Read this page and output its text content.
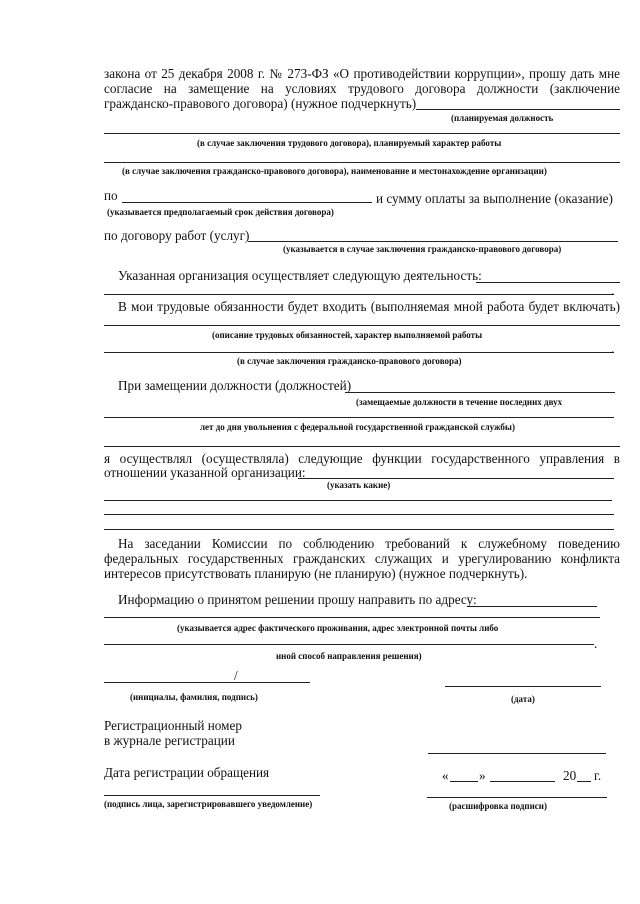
закона от 25 декабря 2008 г. № 273-ФЗ «О противодействии коррупции», прошу дать мне
согласие на замещение на условиях трудового договора должности (заключение
гражданско-правового договора) (нужное подчеркнуть)
(планируемая должность
(в случае заключения трудового договора), планируемый характер работы
(в случае заключения гражданско-правового договора), наименование и местонахождение организации)
по	и сумму оплаты за выполнение (оказание)
(указывается предполагаемый срок действия договора)
по договору работ (услуг)
(указывается в случае заключения гражданско-правового договора)
Указанная организация осуществляет следующую деятельность:
.
В мои трудовые обязанности будет входить (выполняемая мной работа будет включать)
(описание трудовых обязанностей, характер выполняемой работы
.
(в случае заключения гражданско-правового договора)
При замещении должности (должностей)
(замещаемые должности в течение последних двух
лет до дня увольнения с федеральной государственной гражданской службы)
я осуществлял (осуществляла) следующие функции государственного управления в
отношении указанной организации:
(указать какие)
На заседании Комиссии по соблюдению требований к служебному поведению
федеральных государственных гражданских служащих и урегулированию конфликта
интересов присутствовать планирую (не планирую) (нужное подчеркнуть).
Информацию о принятом решении прошу направить по адресу:
(указывается адрес фактического проживания, адрес электронной почты либо
.
иной способ направления решения)
/
(инициалы, фамилия, подпись)	(дата)
Регистрационный номер
в журнале регистрации
Дата регистрации обращения	« »	20 г.
(подпись лица, зарегистрировавшего уведомление)	(расшифровка подписи)
